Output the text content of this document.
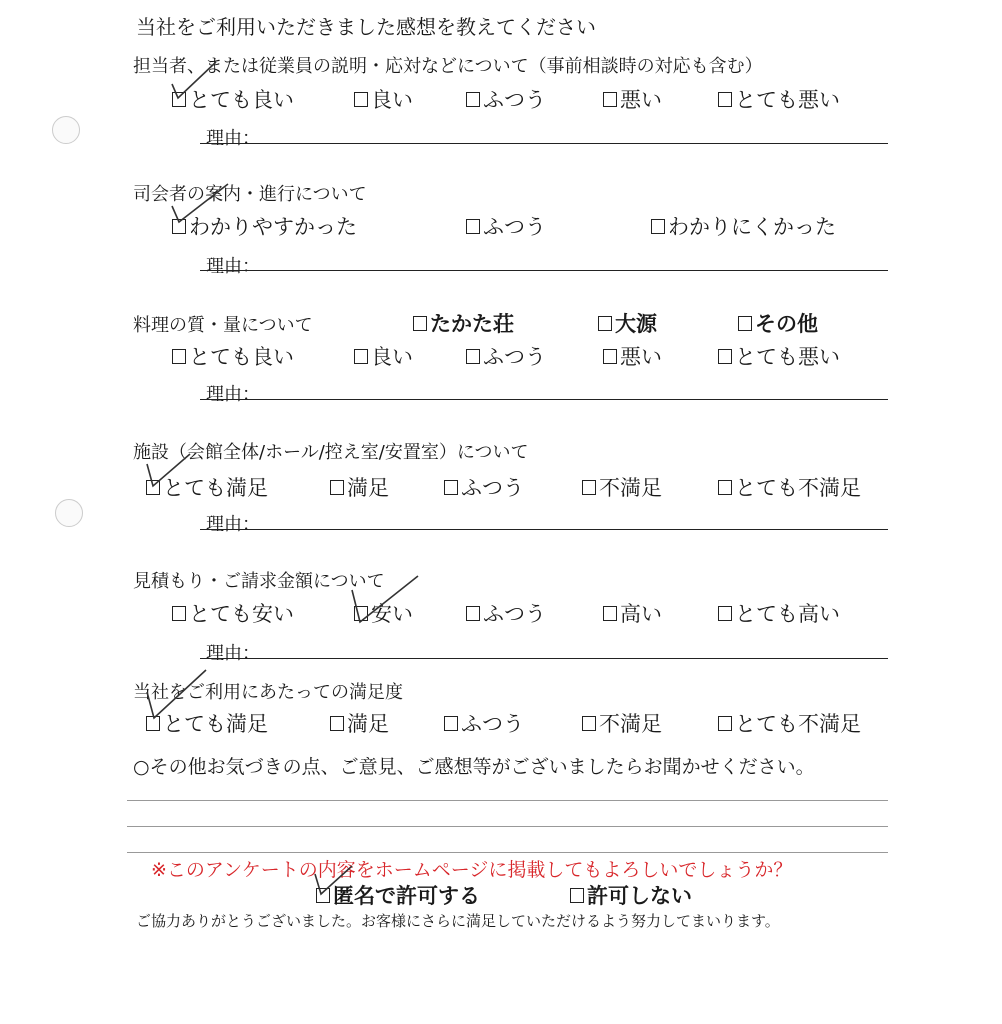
当社をご利用いただきました感想を教えてください
担当者、または従業員の説明・応対などについて（事前相談時の対応も含む）
とても良い	良い	ふつう	悪い	とても悪い
理由：
司会者の案内・進行について
わかりやすかった	ふつう	わかりにくかった
理由：
料理の質・量について	たかた荘	大源	その他
とても良い	良い	ふつう	悪い	とても悪い
理由：
施設（会館全体/ホール/控え室/安置室）について
とても満足	満足	ふつう	不満足	とても不満足
理由：
見積もり・ご請求金額について
とても安い	安い	ふつう	高い	とても高い
理由：
当社をご利用にあたっての満足度
とても満足	満足	ふつう	不満足	とても不満足
○その他お気づきの点、ご意見、ご感想等がございましたらお聞かせください。
※このアンケートの内容をホームページに掲載してもよろしいでしょうか？
匿名で許可する	許可しない
ご協力ありがとうございました。お客様にさらに満足していただけるよう努力してまいります。
